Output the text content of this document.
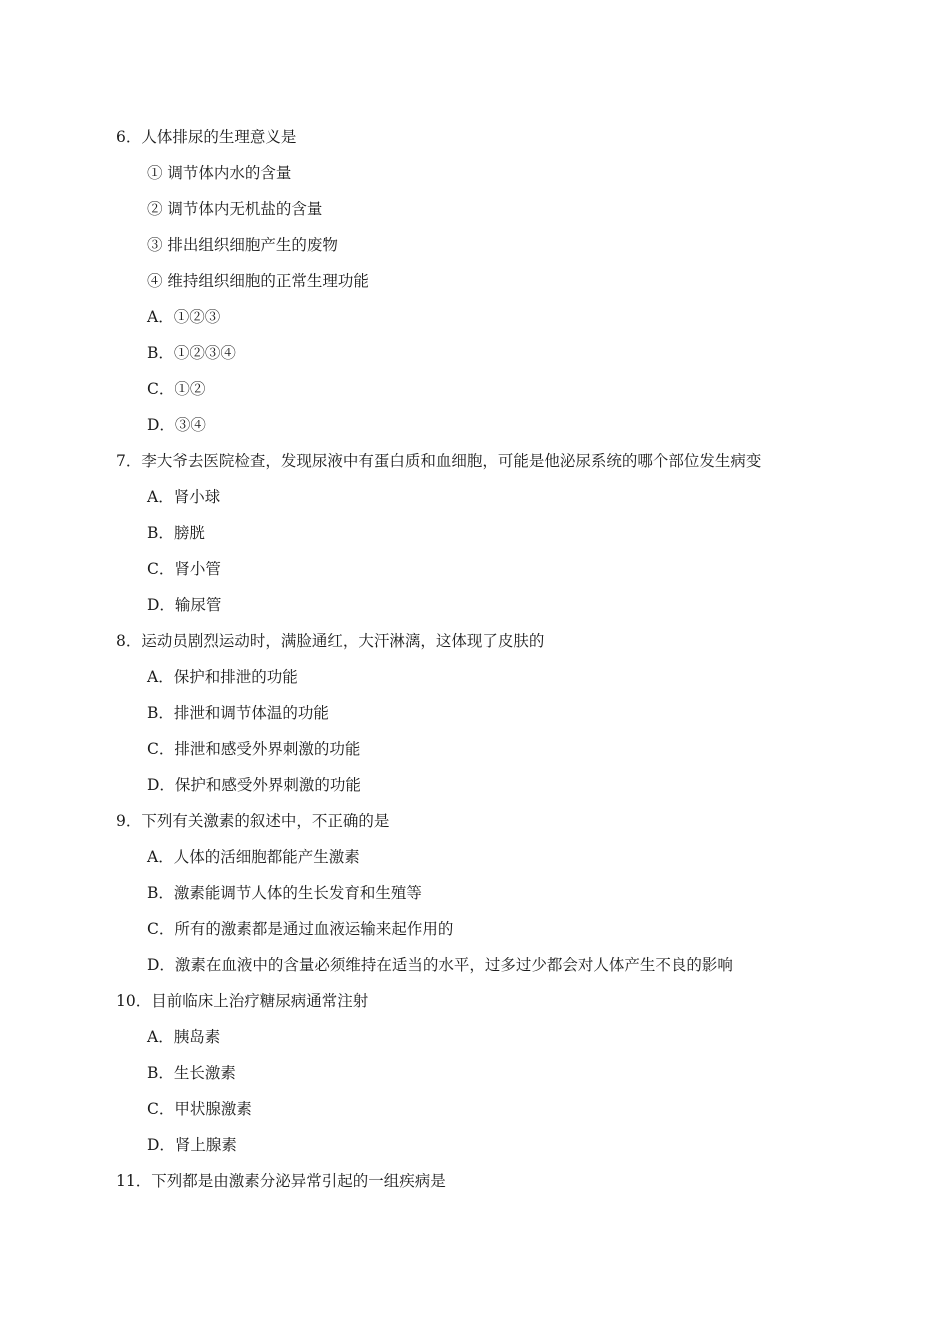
6．人体排尿的生理意义是
① 调节体内水的含量
② 调节体内无机盐的含量
③ 排出组织细胞产生的废物
④ 维持组织细胞的正常生理功能
A．①②③
B．①②③④
C．①②
D．③④
7．李大爷去医院检查，发现尿液中有蛋白质和血细胞，可能是他泌尿系统的哪个部位发生病变
A．肾小球
B．膀胱
C．肾小管
D．输尿管
8．运动员剧烈运动时，满脸通红，大汗淋漓，这体现了皮肤的
A．保护和排泄的功能
B．排泄和调节体温的功能
C．排泄和感受外界刺激的功能
D．保护和感受外界刺激的功能
9．下列有关激素的叙述中，不正确的是
A．人体的活细胞都能产生激素
B．激素能调节人体的生长发育和生殖等
C．所有的激素都是通过血液运输来起作用的
D．激素在血液中的含量必须维持在适当的水平，过多过少都会对人体产生不良的影响
10．目前临床上治疗糖尿病通常注射
A．胰岛素
B．生长激素
C．甲状腺激素
D．肾上腺素
11．下列都是由激素分泌异常引起的一组疾病是
